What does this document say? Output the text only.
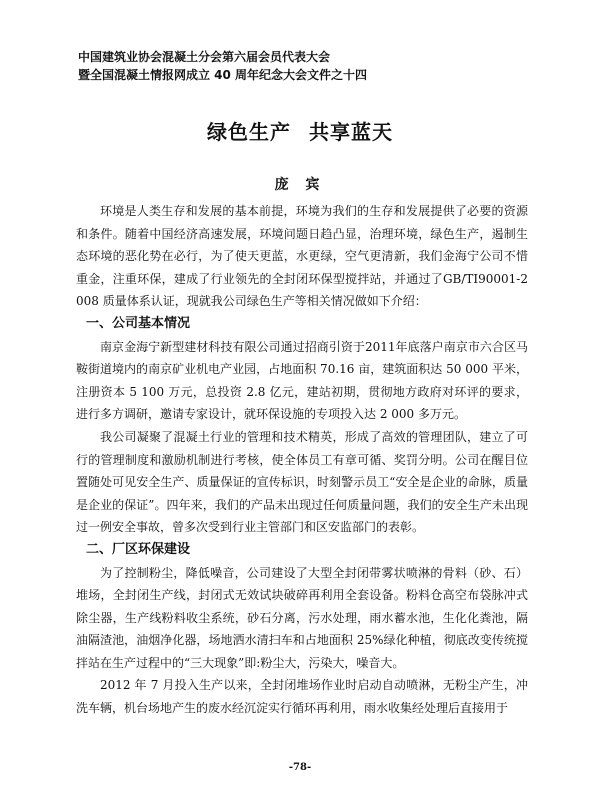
中国建筑业协会混凝土分会第六届会员代表大会
暨全国混凝土情报网成立 40 周年纪念大会文件之十四
绿色生产 共享蓝天
庞 宾

环境是人类生存和发展的基本前提，环境为我们的生存和发展提供了必要的资源和条件。随着中国经济高速发展，环境问题日趋凸显，治理环境，绿色生产，遏制生态环境的恶化势在必行，为了使天更蓝，水更绿，空气更清新，我们金海宁公司不惜重金，注重环保，建成了行业领先的全封闭环保型搅拌站，并通过了GB/TI90001-2008 质量体系认证，现就我公司绿色生产等相关情况做如下介绍：

一、公司基本情况

南京金海宁新型建材科技有限公司通过招商引资于2011年底落户南京市六合区马鞍街道境内的南京矿业机电产业园，占地面积 70.16 亩，建筑面积达 50 000 平米，注册资本 5 100 万元，总投资 2.8 亿元，建站初期，贯彻地方政府对环评的要求，进行多方调研，邀请专家设计，就环保设施的专项投入达 2 000 多万元。

我公司凝聚了混凝土行业的管理和技术精英，形成了高效的管理团队，建立了可行的管理制度和激励机制进行考核，使全体员工有章可循、奖罚分明。公司在醒目位置随处可见安全生产、质量保证的宣传标识，时刻警示员工“安全是企业的命脉，质量是企业的保证”。四年来，我们的产品未出现过任何质量问题，我们的安全生产未出现过一例安全事故，曾多次受到行业主管部门和区安监部门的表彰。

二、厂区环保建设

为了控制粉尘，降低噪音，公司建设了大型全封闭带雾状喷淋的骨料（砂、石）堆场，全封闭生产线，封闭式无效试块破碎再利用全套设备。粉料仓高空布袋脉冲式除尘器，生产线粉料收尘系统，砂石分离，污水处理，雨水蓄水池，生化化粪池，隔油隔渣池，油烟净化器，场地洒水清扫车和占地面积 25%绿化种植，彻底改变传统搅拌站在生产过程中的“三大现象”即:粉尘大，污染大，噪音大。

2012 年 7 月投入生产以来，全封闭堆场作业时启动自动喷淋，无粉尘产生，冲洗车辆，机台场地产生的废水经沉淀实行循环再利用，雨水收集经处理后直接用于

-78-
